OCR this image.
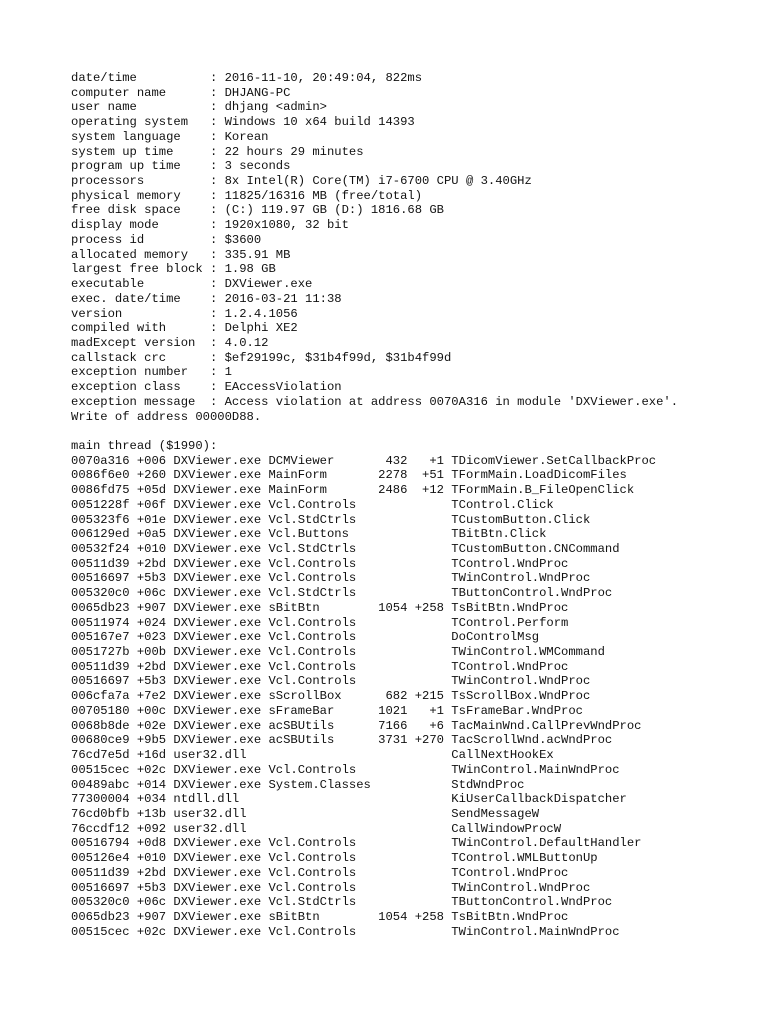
date/time          : 2016-11-10, 20:49:04, 822ms
computer name      : DHJANG-PC
user name          : dhjang <admin>
operating system   : Windows 10 x64 build 14393
system language    : Korean
system up time     : 22 hours 29 minutes
program up time    : 3 seconds
processors         : 8x Intel(R) Core(TM) i7-6700 CPU @ 3.40GHz
physical memory    : 11825/16316 MB (free/total)
free disk space    : (C:) 119.97 GB (D:) 1816.68 GB
display mode       : 1920x1080, 32 bit
process id         : $3600
allocated memory   : 335.91 MB
largest free block : 1.98 GB
executable         : DXViewer.exe
exec. date/time    : 2016-03-21 11:38
version            : 1.2.4.1056
compiled with      : Delphi XE2
madExcept version  : 4.0.12
callstack crc      : $ef29199c, $31b4f99d, $31b4f99d
exception number   : 1
exception class    : EAccessViolation
exception message  : Access violation at address 0070A316 in module 'DXViewer.exe'.
Write of address 00000D88.
main thread ($1990):
0070a316 +006 DXViewer.exe DCMViewer       432   +1 TDicomViewer.SetCallbackProc
0086f6e0 +260 DXViewer.exe MainForm       2278  +51 TFormMain.LoadDicomFiles
0086fd75 +05d DXViewer.exe MainForm       2486  +12 TFormMain.B_FileOpenClick
0051228f +06f DXViewer.exe Vcl.Controls             TControl.Click
005323f6 +01e DXViewer.exe Vcl.StdCtrls             TCustomButton.Click
006129ed +0a5 DXViewer.exe Vcl.Buttons              TBitBtn.Click
00532f24 +010 DXViewer.exe Vcl.StdCtrls             TCustomButton.CNCommand
00511d39 +2bd DXViewer.exe Vcl.Controls             TControl.WndProc
00516697 +5b3 DXViewer.exe Vcl.Controls             TWinControl.WndProc
005320c0 +06c DXViewer.exe Vcl.StdCtrls             TButtonControl.WndProc
0065db23 +907 DXViewer.exe sBitBtn        1054 +258 TsBitBtn.WndProc
00511974 +024 DXViewer.exe Vcl.Controls             TControl.Perform
005167e7 +023 DXViewer.exe Vcl.Controls             DoControlMsg
0051727b +00b DXViewer.exe Vcl.Controls             TWinControl.WMCommand
00511d39 +2bd DXViewer.exe Vcl.Controls             TControl.WndProc
00516697 +5b3 DXViewer.exe Vcl.Controls             TWinControl.WndProc
006cfa7a +7e2 DXViewer.exe sScrollBox      682 +215 TsScrollBox.WndProc
00705180 +00c DXViewer.exe sFrameBar      1021   +1 TsFrameBar.WndProc
0068b8de +02e DXViewer.exe acSBUtils      7166   +6 TacMainWnd.CallPrevWndProc
00680ce9 +9b5 DXViewer.exe acSBUtils      3731 +270 TacScrollWnd.acWndProc
76cd7e5d +16d user32.dll                            CallNextHookEx
00515cec +02c DXViewer.exe Vcl.Controls             TWinControl.MainWndProc
00489abc +014 DXViewer.exe System.Classes           StdWndProc
77300004 +034 ntdll.dll                             KiUserCallbackDispatcher
76cd0bfb +13b user32.dll                            SendMessageW
76ccdf12 +092 user32.dll                            CallWindowProcW
00516794 +0d8 DXViewer.exe Vcl.Controls             TWinControl.DefaultHandler
005126e4 +010 DXViewer.exe Vcl.Controls             TControl.WMLButtonUp
00511d39 +2bd DXViewer.exe Vcl.Controls             TControl.WndProc
00516697 +5b3 DXViewer.exe Vcl.Controls             TWinControl.WndProc
005320c0 +06c DXViewer.exe Vcl.StdCtrls             TButtonControl.WndProc
0065db23 +907 DXViewer.exe sBitBtn        1054 +258 TsBitBtn.WndProc
00515cec +02c DXViewer.exe Vcl.Controls             TWinControl.MainWndProc
